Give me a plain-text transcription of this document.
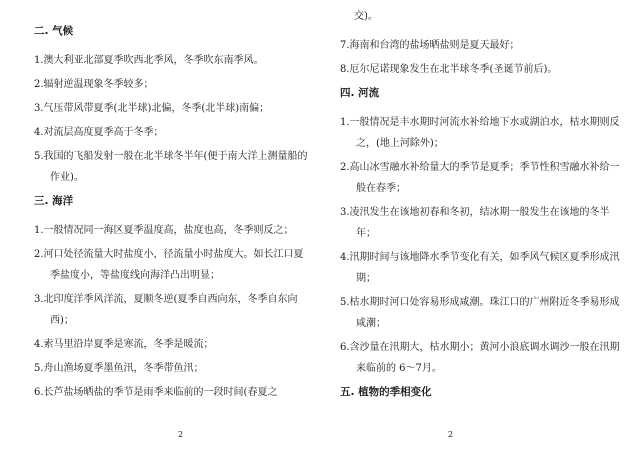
二. 气候
1.澳大利亚北部夏季吹西北季风，冬季吹东南季风。
2.辐射逆温现象冬季较多；
3.气压带风带夏季(北半球)北偏，冬季(北半球)南偏；
4.对流层高度夏季高于冬季；
5.我国的飞船发射一般在北半球冬半年(便于南大洋上测量船的作业)。
三. 海洋
1.一般情况同一海区夏季温度高，盐度也高，冬季则反之；
2.河口处径流量大时盐度小，径流量小时盐度大。如长江口夏季盐度小，等盐度线向海洋凸出明显；
3.北印度洋季风洋流，夏顺冬逆(夏季自西向东，冬季自东向西)；
4.索马里沿岸夏季是寒流，冬季是暖流；
5.舟山渔场夏季墨鱼汛，冬季带鱼汛；
6.长芦盐场晒盐的季节是雨季来临前的一段时间(春夏之
2
交)。
7.海南和台湾的盐场晒盐则是夏天最好；
8.厄尔尼诺现象发生在北半球冬季(圣诞节前后)。
四. 河流
1.一般情况是丰水期时河流水补给地下水或湖泊水，枯水期则反之，(地上河除外)；
2.高山冰雪融水补给量大的季节是夏季；季节性积雪融水补给一般在春季；
3.凌汛发生在该地初春和冬初，结冰期一般发生在该地的冬半年；
4.汛期时间与该地降水季节变化有关，如季风气候区夏季形成汛期；
5.枯水期时河口处容易形成咸潮。珠江口的广州附近冬季易形成咸潮；
6.含沙量在汛期大，枯水期小；黄河小浪底调水调沙一般在汛期来临前的 6～7月。
五. 植物的季相变化
2
